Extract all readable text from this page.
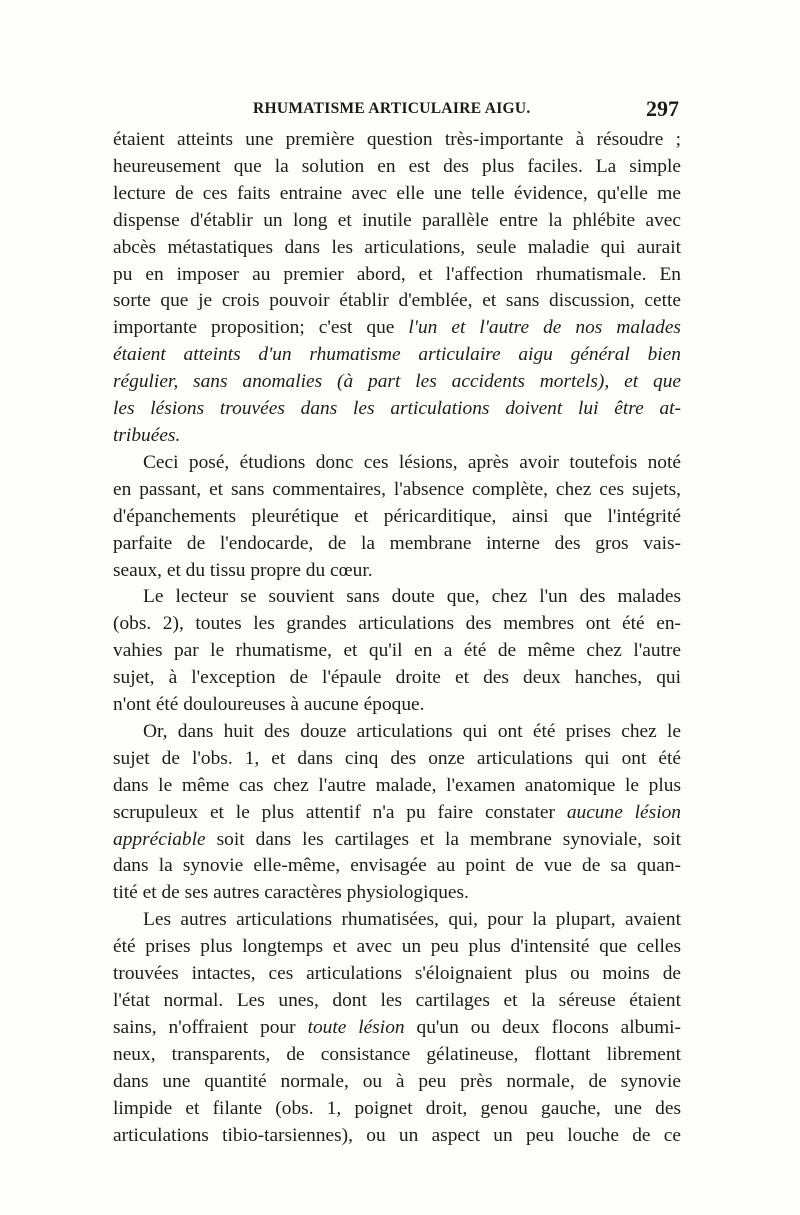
RHUMATISME ARTICULAIRE AIGU.	297
étaient atteints une première question très-importante à résoudre ;
heureusement que la solution en est des plus faciles. La simple
lecture de ces faits entraine avec elle une telle évidence, qu'elle me
dispense d'établir un long et inutile parallèle entre la phlébite avec
abcès métastatiques dans les articulations, seule maladie qui aurait
pu en imposer au premier abord, et l'affection rhumatismale. En
sorte que je crois pouvoir établir d'emblée, et sans discussion, cette
importante proposition; c'est que l'un et l'autre de nos malades
étaient atteints d'un rhumatisme articulaire aigu général bien
régulier, sans anomalies (à part les accidents mortels), et que
les lésions trouvées dans les articulations doivent lui être at-
tribuées.
Ceci posé, étudions donc ces lésions, après avoir toutefois noté
en passant, et sans commentaires, l'absence complète, chez ces sujets,
d'épanchements pleurétique et péricarditique, ainsi que l'intégrité
parfaite de l'endocarde, de la membrane interne des gros vais-
seaux, et du tissu propre du cœur.
Le lecteur se souvient sans doute que, chez l'un des malades
(obs. 2), toutes les grandes articulations des membres ont été en-
vahies par le rhumatisme, et qu'il en a été de même chez l'autre
sujet, à l'exception de l'épaule droite et des deux hanches, qui
n'ont été douloureuses à aucune époque.
Or, dans huit des douze articulations qui ont été prises chez le
sujet de l'obs. 1, et dans cinq des onze articulations qui ont été
dans le même cas chez l'autre malade, l'examen anatomique le plus
scrupuleux et le plus attentif n'a pu faire constater aucune lésion
appréciable soit dans les cartilages et la membrane synoviale, soit
dans la synovie elle-même, envisagée au point de vue de sa quan-
tité et de ses autres caractères physiologiques.
Les autres articulations rhumatisées, qui, pour la plupart, avaient
été prises plus longtemps et avec un peu plus d'intensité que celles
trouvées intactes, ces articulations s'éloignaient plus ou moins de
l'état normal. Les unes, dont les cartilages et la séreuse étaient
sains, n'offraient pour toute lésion qu'un ou deux flocons albumi-
neux, transparents, de consistance gélatineuse, flottant librement
dans une quantité normale, ou à peu près normale, de synovie
limpide et filante (obs. 1, poignet droit, genou gauche, une des
articulations tibio-tarsiennes), ou un aspect un peu louche de ce
